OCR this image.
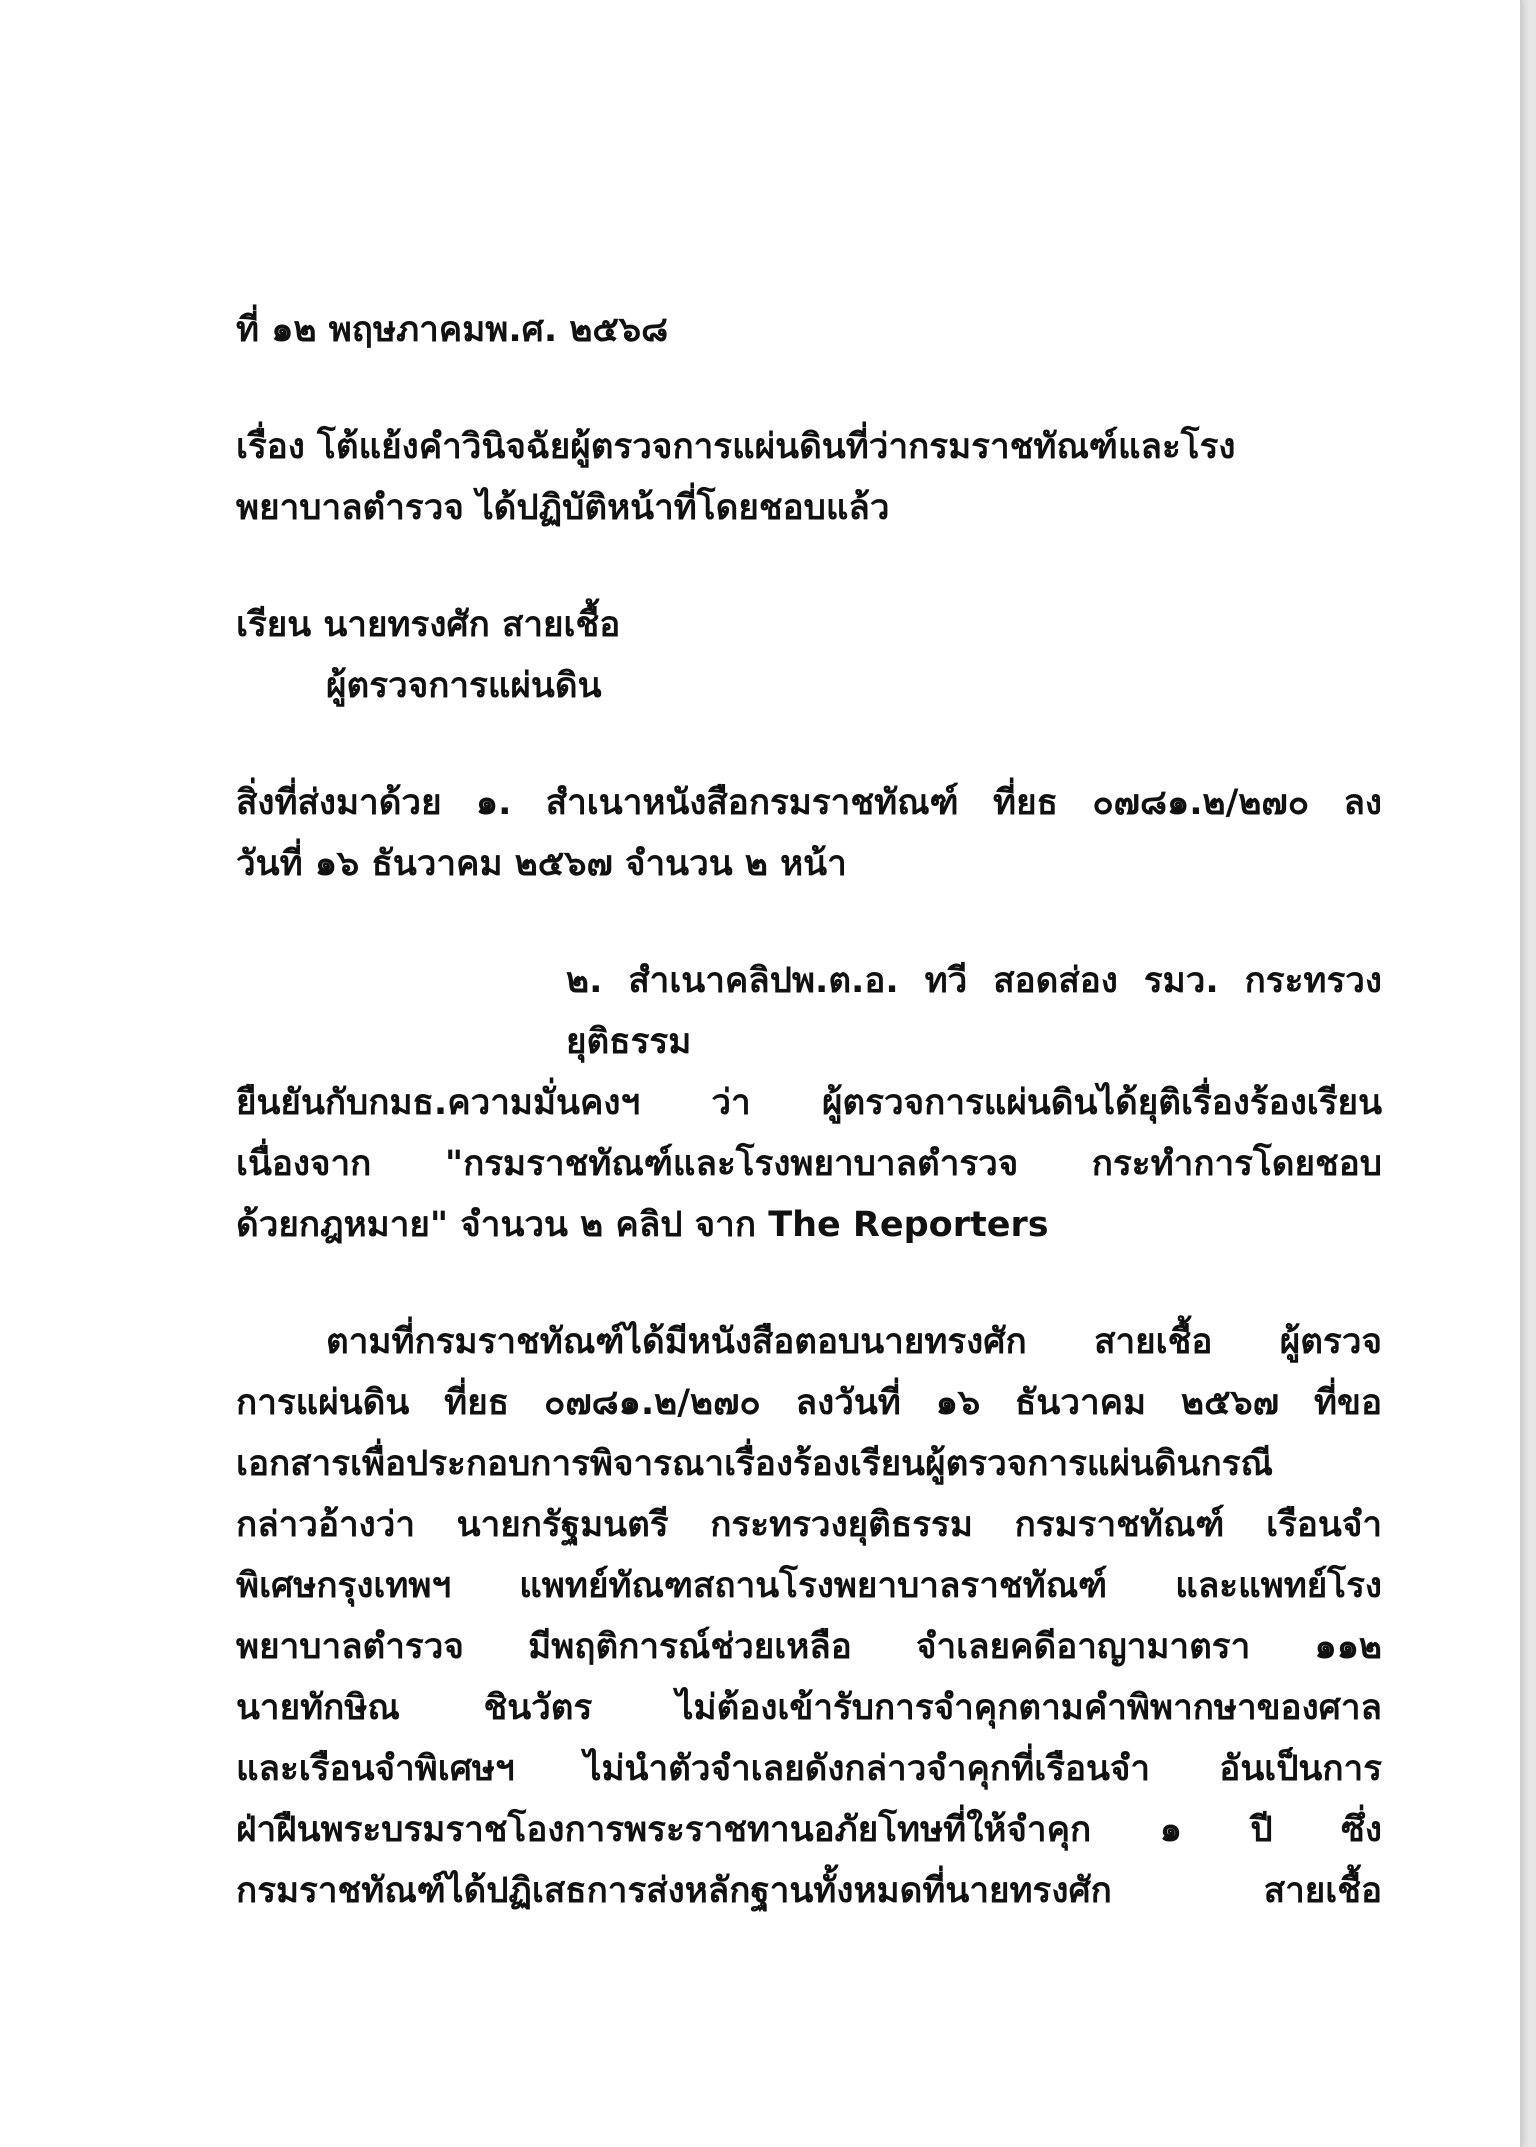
ที่ ๑๒ พฤษภาคมพ.ศ. ๒๕๖๘
เรื่อง โต้แย้งคำวินิจฉัยผู้ตรวจการแผ่นดินที่ว่ากรมราชทัณฑ์และโรง
พยาบาลตำรวจ ได้ปฏิบัติหน้าที่โดยชอบแล้ว
เรียน นายทรงศัก สายเชื้อ
ผู้ตรวจการแผ่นดิน
สิ่งที่ส่งมาด้วย ๑. สำเนาหนังสือกรมราชทัณฑ์ ที่ยธ ๐๗๘๑.๒/๒๗๐ ลง
วันที่ ๑๖ ธันวาคม ๒๕๖๗ จำนวน ๒ หน้า
๒. สำเนาคลิปพ.ต.อ. ทวี สอดส่อง รมว. กระทรวงยุติธรรม
ยืนยันกับกมธ.ความมั่นคงฯ ว่า ผู้ตรวจการแผ่นดินได้ยุติเรื่องร้องเรียน
เนื่องจาก "กรมราชทัณฑ์และโรงพยาบาลตำรวจ กระทำการโดยชอบ
ด้วยกฎหมาย" จำนวน ๒ คลิป จาก The Reporters
ตามที่กรมราชทัณฑ์ได้มีหนังสือตอบนายทรงศัก สายเชื้อ ผู้ตรวจ
การแผ่นดิน ที่ยธ ๐๗๘๑.๒/๒๗๐ ลงวันที่ ๑๖ ธันวาคม ๒๕๖๗ ที่ขอ
เอกสารเพื่อประกอบการพิจารณาเรื่องร้องเรียนผู้ตรวจการแผ่นดินกรณี
กล่าวอ้างว่า นายกรัฐมนตรี กระทรวงยุติธรรม กรมราชทัณฑ์ เรือนจำ
พิเศษกรุงเทพฯ แพทย์ทัณฑสถานโรงพยาบาลราชทัณฑ์ และแพทย์โรง
พยาบาลตำรวจ มีพฤติการณ์ช่วยเหลือ จำเลยคดีอาญามาตรา ๑๑๒
นายทักษิณ ชินวัตร ไม่ต้องเข้ารับการจำคุกตามคำพิพากษาของศาล
และเรือนจำพิเศษฯ ไม่นำตัวจำเลยดังกล่าวจำคุกที่เรือนจำ อันเป็นการ
ฝ่าฝืนพระบรมราชโองการพระราชทานอภัยโทษที่ให้จำคุก ๑ ปี ซึ่ง
กรมราชทัณฑ์ได้ปฏิเสธการส่งหลักฐานทั้งหมดที่นายทรงศัก สายเชื้อ
